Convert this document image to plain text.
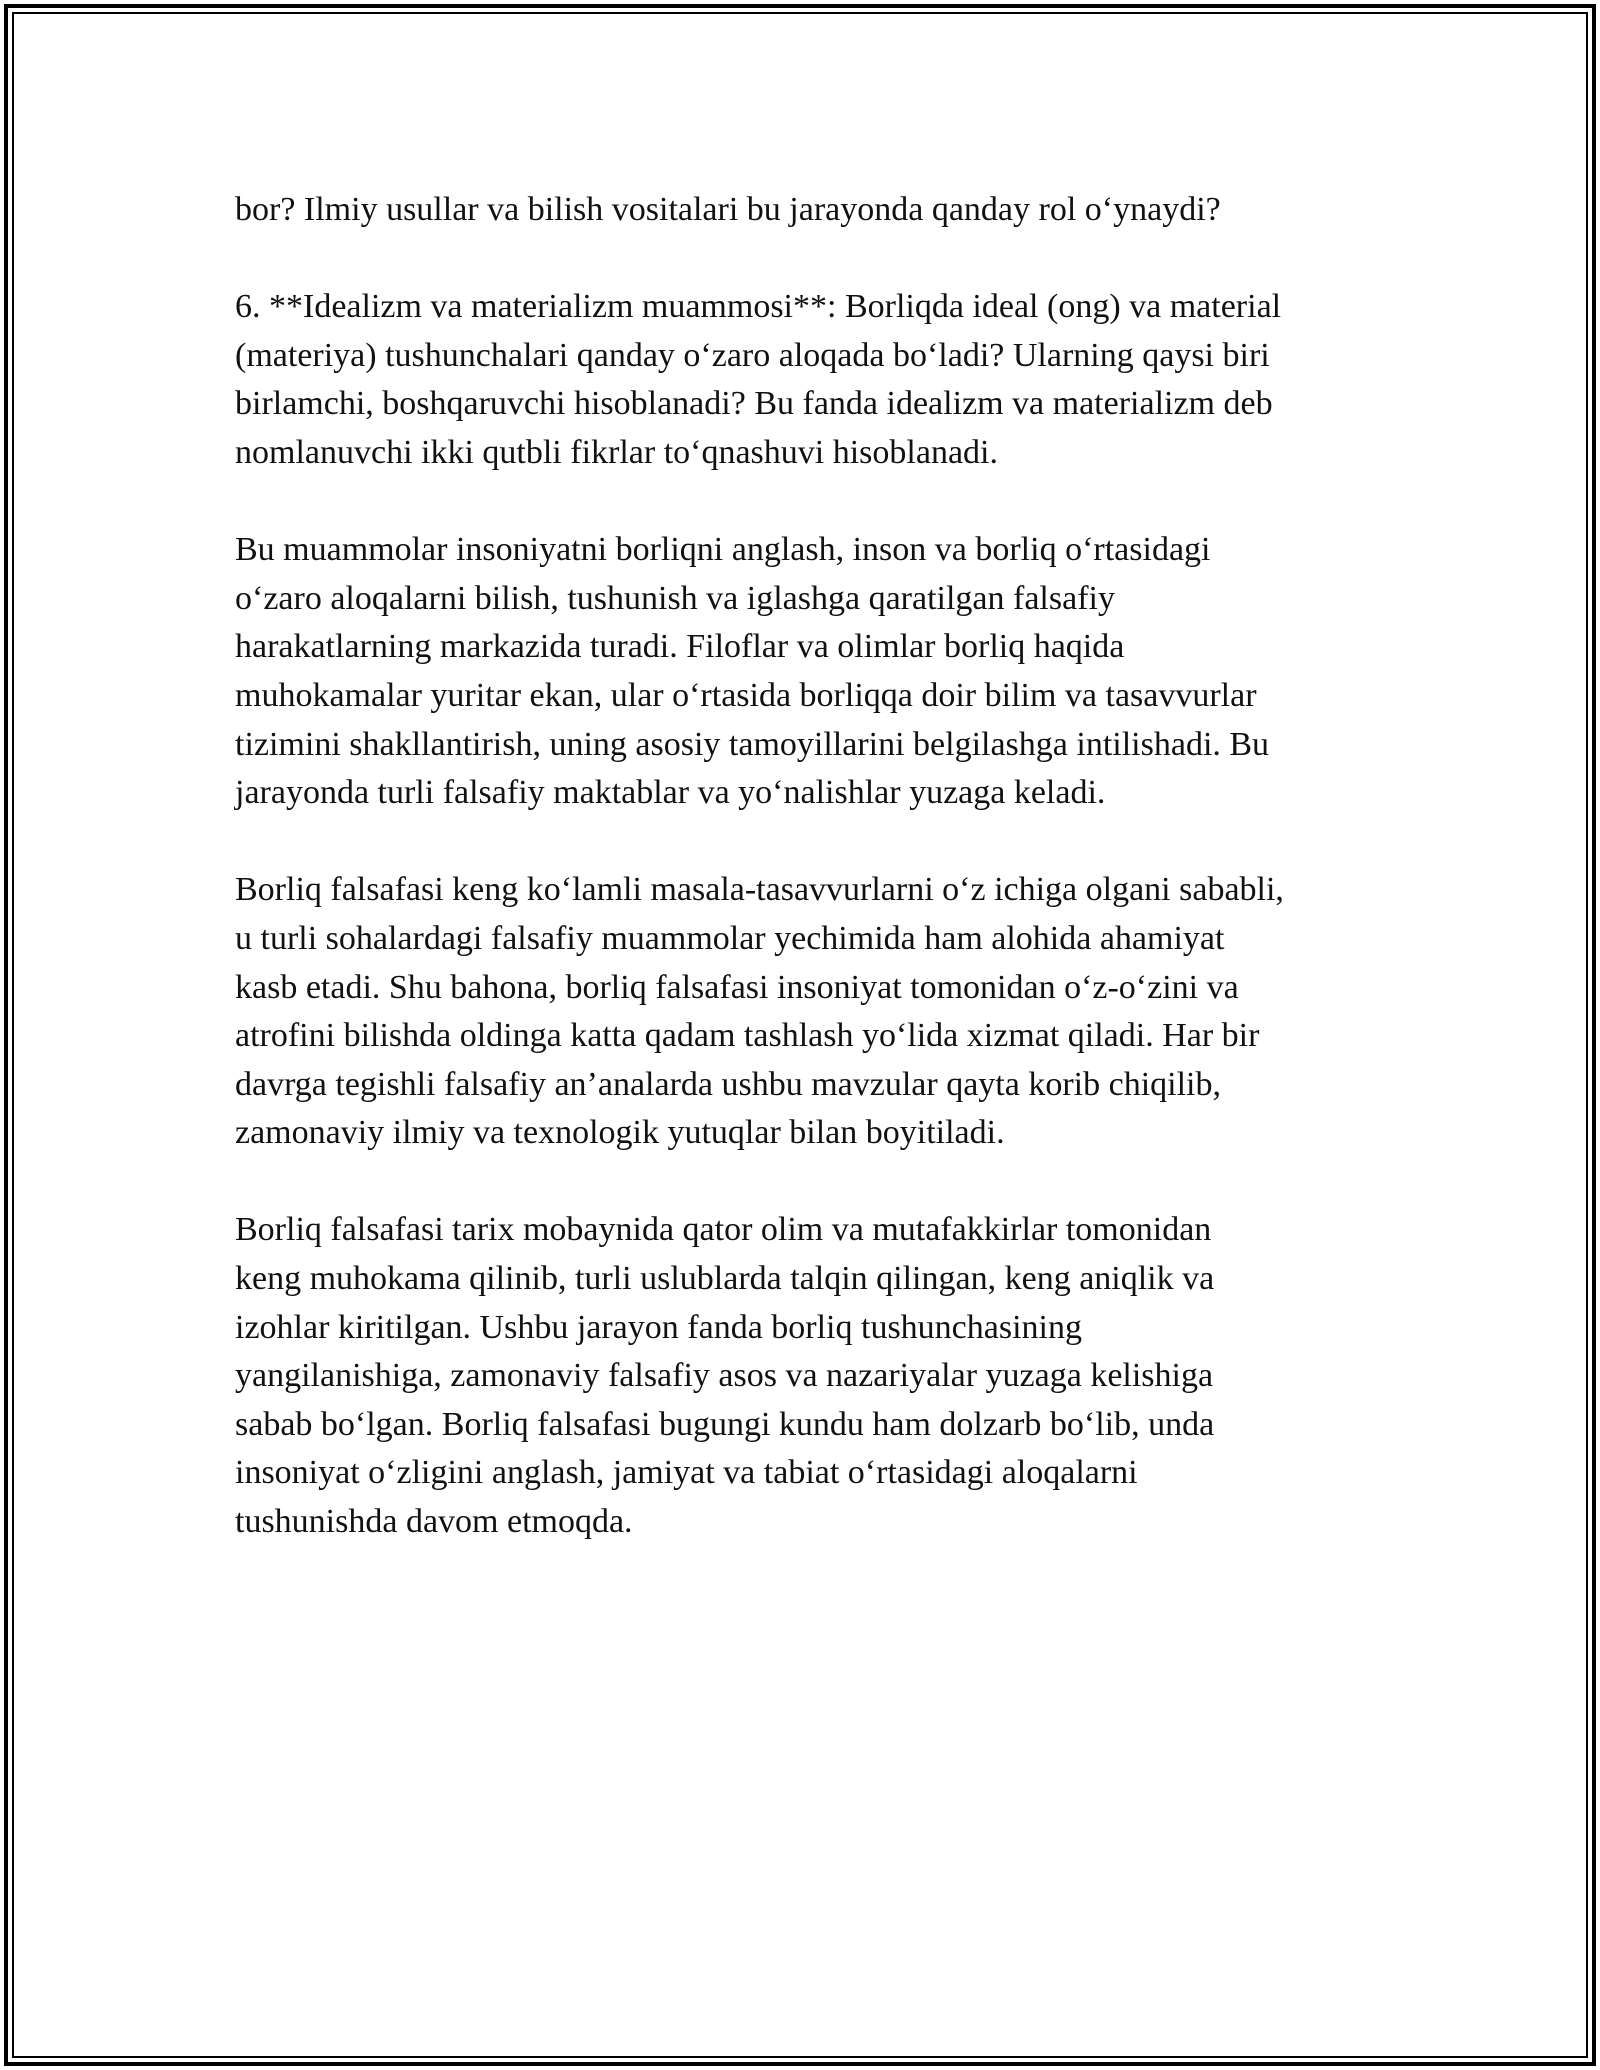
bor? Ilmiy usullar va bilish vositalari bu jarayonda qanday rol o‘ynaydi?

6. **Idealizm va materializm muammosi**: Borliqda ideal (ong) va material
(materiya) tushunchalari qanday o‘zaro aloqada bo‘ladi? Ularning qaysi biri
birlamchi, boshqaruvchi hisoblanadi? Bu fanda idealizm va materializm deb
nomlanuvchi ikki qutbli fikrlar to‘qnashuvi hisoblanadi.

Bu muammolar insoniyatni borliqni anglash, inson va borliq o‘rtasidagi
o‘zaro aloqalarni bilish, tushunish va iglashga qaratilgan falsafiy
harakatlarning markazida turadi. Filoflar va olimlar borliq haqida
muhokamalar yuritar ekan, ular o‘rtasida borliqqa doir bilim va tasavvurlar
tizimini shakllantirish, uning asosiy tamoyillarini belgilashga intilishadi. Bu
jarayonda turli falsafiy maktablar va yo‘nalishlar yuzaga keladi.

Borliq falsafasi keng ko‘lamli masala-tasavvurlarni o‘z ichiga olgani sababli,
u turli sohalardagi falsafiy muammolar yechimida ham alohida ahamiyat
kasb etadi. Shu bahona, borliq falsafasi insoniyat tomonidan o‘z-o‘zini va
atrofini bilishda oldinga katta qadam tashlash yo‘lida xizmat qiladi. Har bir
davrga tegishli falsafiy an’analarda ushbu mavzular qayta korib chiqilib,
zamonaviy ilmiy va texnologik yutuqlar bilan boyitiladi.

Borliq falsafasi tarix mobaynida qator olim va mutafakkirlar tomonidan
keng muhokama qilinib, turli uslublarda talqin qilingan, keng aniqlik va
izohlar kiritilgan. Ushbu jarayon fanda borliq tushunchasining
yangilanishiga, zamonaviy falsafiy asos va nazariyalar yuzaga kelishiga
sabab bo‘lgan. Borliq falsafasi bugungi kundu ham dolzarb bo‘lib, unda
insoniyat o‘zligini anglash, jamiyat va tabiat o‘rtasidagi aloqalarni
tushunishda davom etmoqda.
